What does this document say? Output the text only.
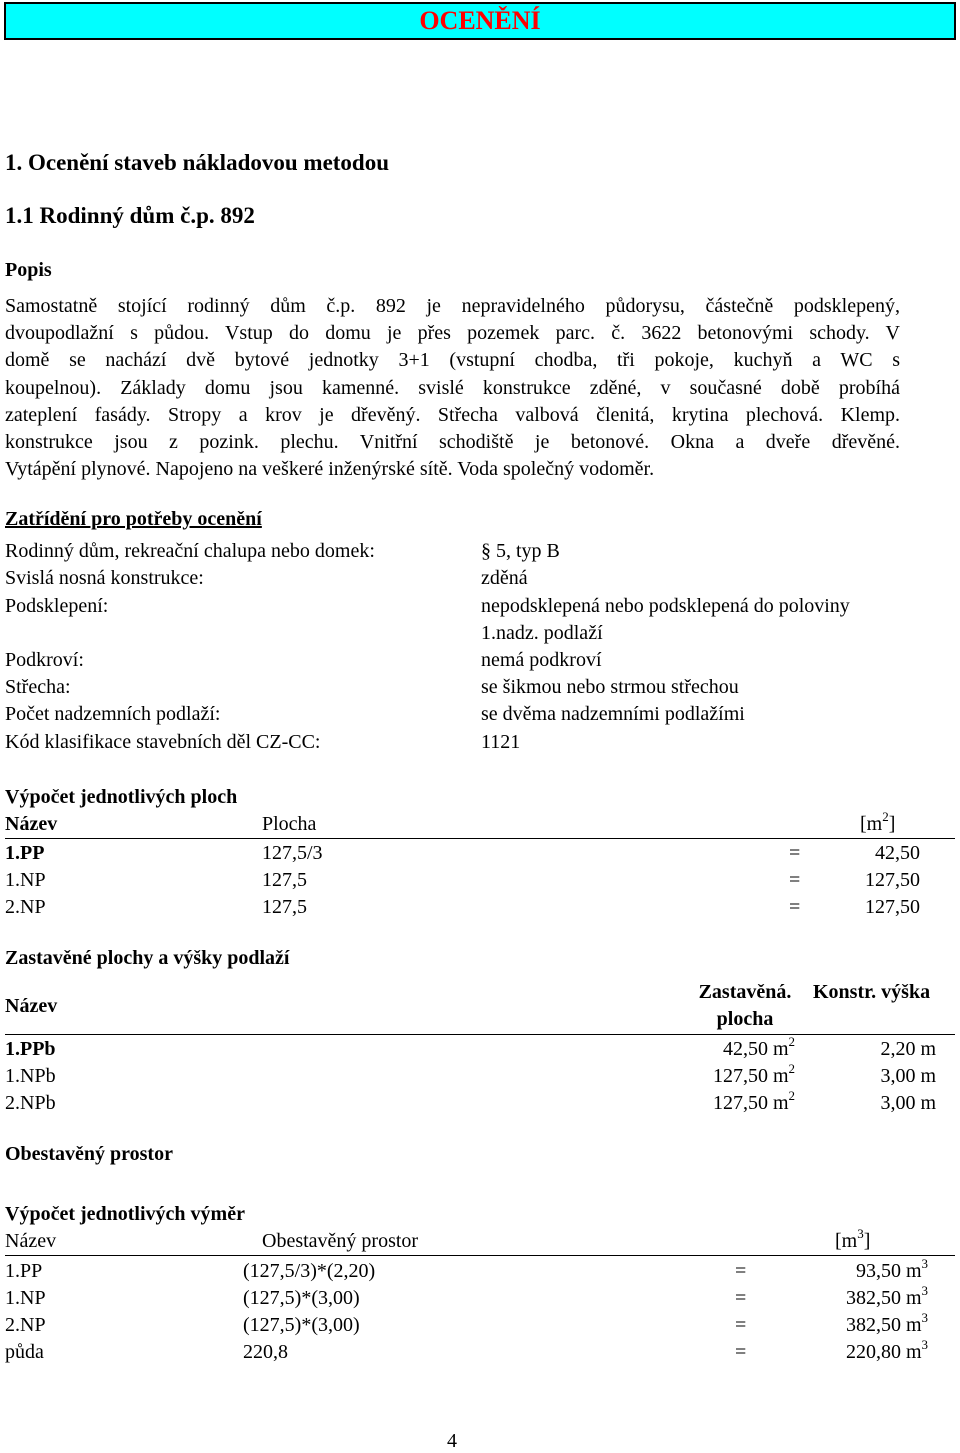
OCENĚNÍ
1. Ocenění staveb nákladovou metodou
1.1 Rodinný dům č.p. 892
Popis
Samostatně stojící rodinný dům č.p. 892 je nepravidelného půdorysu, částečně podsklepený,
dvoupodlažní s půdou. Vstup do domu je přes pozemek parc. č. 3622 betonovými schody. V
domě se nachází dvě bytové jednotky 3+1 (vstupní chodba, tři pokoje, kuchyň a WC s
koupelnou). Základy domu jsou kamenné. svislé konstrukce zděné, v současné době probíhá
zateplení fasády. Stropy a krov je dřevěný. Střecha valbová členitá, krytina plechová. Klemp.
konstrukce jsou z pozink. plechu. Vnitřní schodiště je betonové. Okna a dveře dřevěné.
Vytápění plynové. Napojeno na veškeré inženýrské sítě. Voda společný vodoměr.
Zatřídění pro potřeby ocenění
Rodinný dům, rekreační chalupa nebo domek:	§ 5, typ B
Svislá nosná konstrukce:	zděná
Podsklepení:	nepodsklepená nebo podsklepená do poloviny
1.nadz. podlaží
Podkroví:	nemá podkroví
Střecha:	se šikmou nebo strmou střechou
Počet nadzemních podlaží:	se dvěma nadzemními podlažími
Kód klasifikace stavebních děl CZ-CC:	1121
Výpočet jednotlivých ploch
Název	Plocha	$[m^2]$
1.PP	127,5/3	=	42,50
1.NP	127,5	=	127,50
2.NP	127,5	=	127,50
Zastavěné plochy a výšky podlaží
Název
Zastavěná.
plocha
Konstr. výška
1.PPb	42,50 $m^2$	2,20 m
1.NPb	127,50 $m^2$	3,00 m
2.NPb	127,50 $m^2$	3,00 m
Obestavěný prostor
Výpočet jednotlivých výměr
Název	Obestavěný prostor	$[m^3]$
1.PP	(127,5/3)*(2,20)	=	93,50 $m^3$
1.NP	(127,5)*(3,00)	=	382,50 $m^3$
2.NP	(127,5)*(3,00)	=	382,50 $m^3$
půda	220,8	=	220,80 $m^3$
4
